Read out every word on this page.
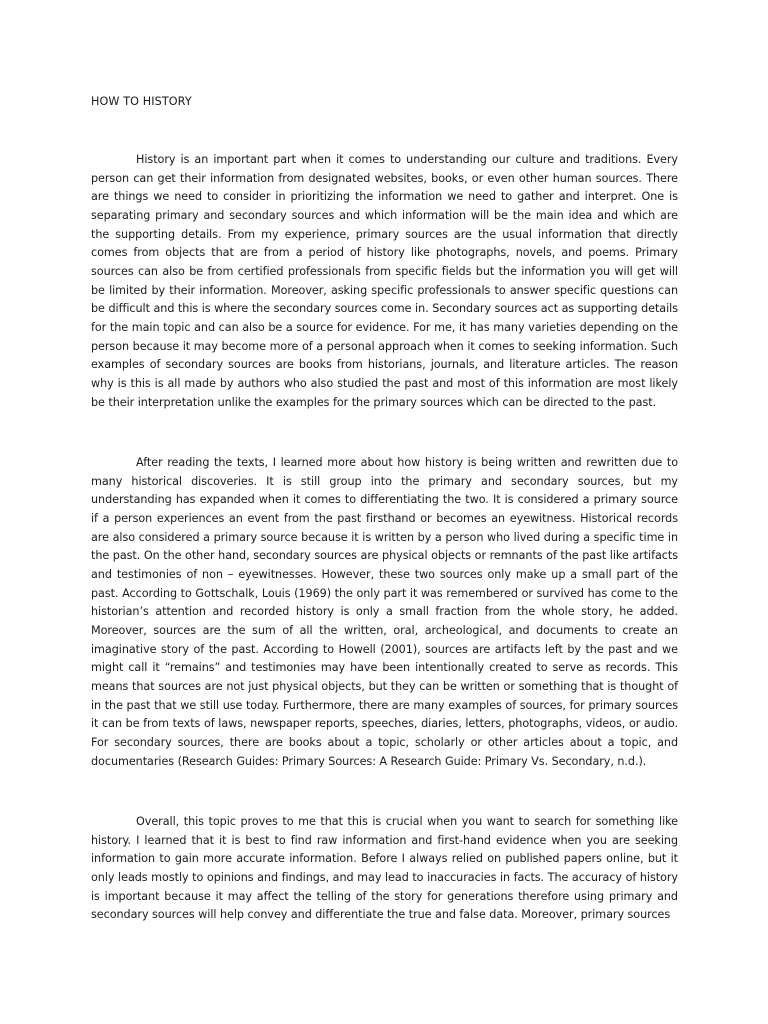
HOW TO HISTORY

History is an important part when it comes to understanding our culture and traditions. Every person can get their information from designated websites, books, or even other human sources. There are things we need to consider in prioritizing the information we need to gather and interpret. One is separating primary and secondary sources and which information will be the main idea and which are the supporting details. From my experience, primary sources are the usual information that directly comes from objects that are from a period of history like photographs, novels, and poems. Primary sources can also be from certified professionals from specific fields but the information you will get will be limited by their information. Moreover, asking specific professionals to answer specific questions can be difficult and this is where the secondary sources come in. Secondary sources act as supporting details for the main topic and can also be a source for evidence. For me, it has many varieties depending on the person because it may become more of a personal approach when it comes to seeking information. Such examples of secondary sources are books from historians, journals, and literature articles. The reason why is this is all made by authors who also studied the past and most of this information are most likely be their interpretation unlike the examples for the primary sources which can be directed to the past.

After reading the texts, I learned more about how history is being written and rewritten due to many historical discoveries. It is still group into the primary and secondary sources, but my understanding has expanded when it comes to differentiating the two. It is considered a primary source if a person experiences an event from the past firsthand or becomes an eyewitness. Historical records are also considered a primary source because it is written by a person who lived during a specific time in the past. On the other hand, secondary sources are physical objects or remnants of the past like artifacts and testimonies of non – eyewitnesses. However, these two sources only make up a small part of the past. According to Gottschalk, Louis (1969) the only part it was remembered or survived has come to the historian’s attention and recorded history is only a small fraction from the whole story, he added. Moreover, sources are the sum of all the written, oral, archeological, and documents to create an imaginative story of the past. According to Howell (2001), sources are artifacts left by the past and we might call it “remains” and testimonies may have been intentionally created to serve as records. This means that sources are not just physical objects, but they can be written or something that is thought of in the past that we still use today. Furthermore, there are many examples of sources, for primary sources it can be from texts of laws, newspaper reports, speeches, diaries, letters, photographs, videos, or audio. For secondary sources, there are books about a topic, scholarly or other articles about a topic, and documentaries (Research Guides: Primary Sources: A Research Guide: Primary Vs. Secondary, n.d.).

Overall, this topic proves to me that this is crucial when you want to search for something like history. I learned that it is best to find raw information and first-hand evidence when you are seeking information to gain more accurate information. Before I always relied on published papers online, but it only leads mostly to opinions and findings, and may lead to inaccuracies in facts. The accuracy of history is important because it may affect the telling of the story for generations therefore using primary and secondary sources will help convey and differentiate the true and false data. Moreover, primary sources
